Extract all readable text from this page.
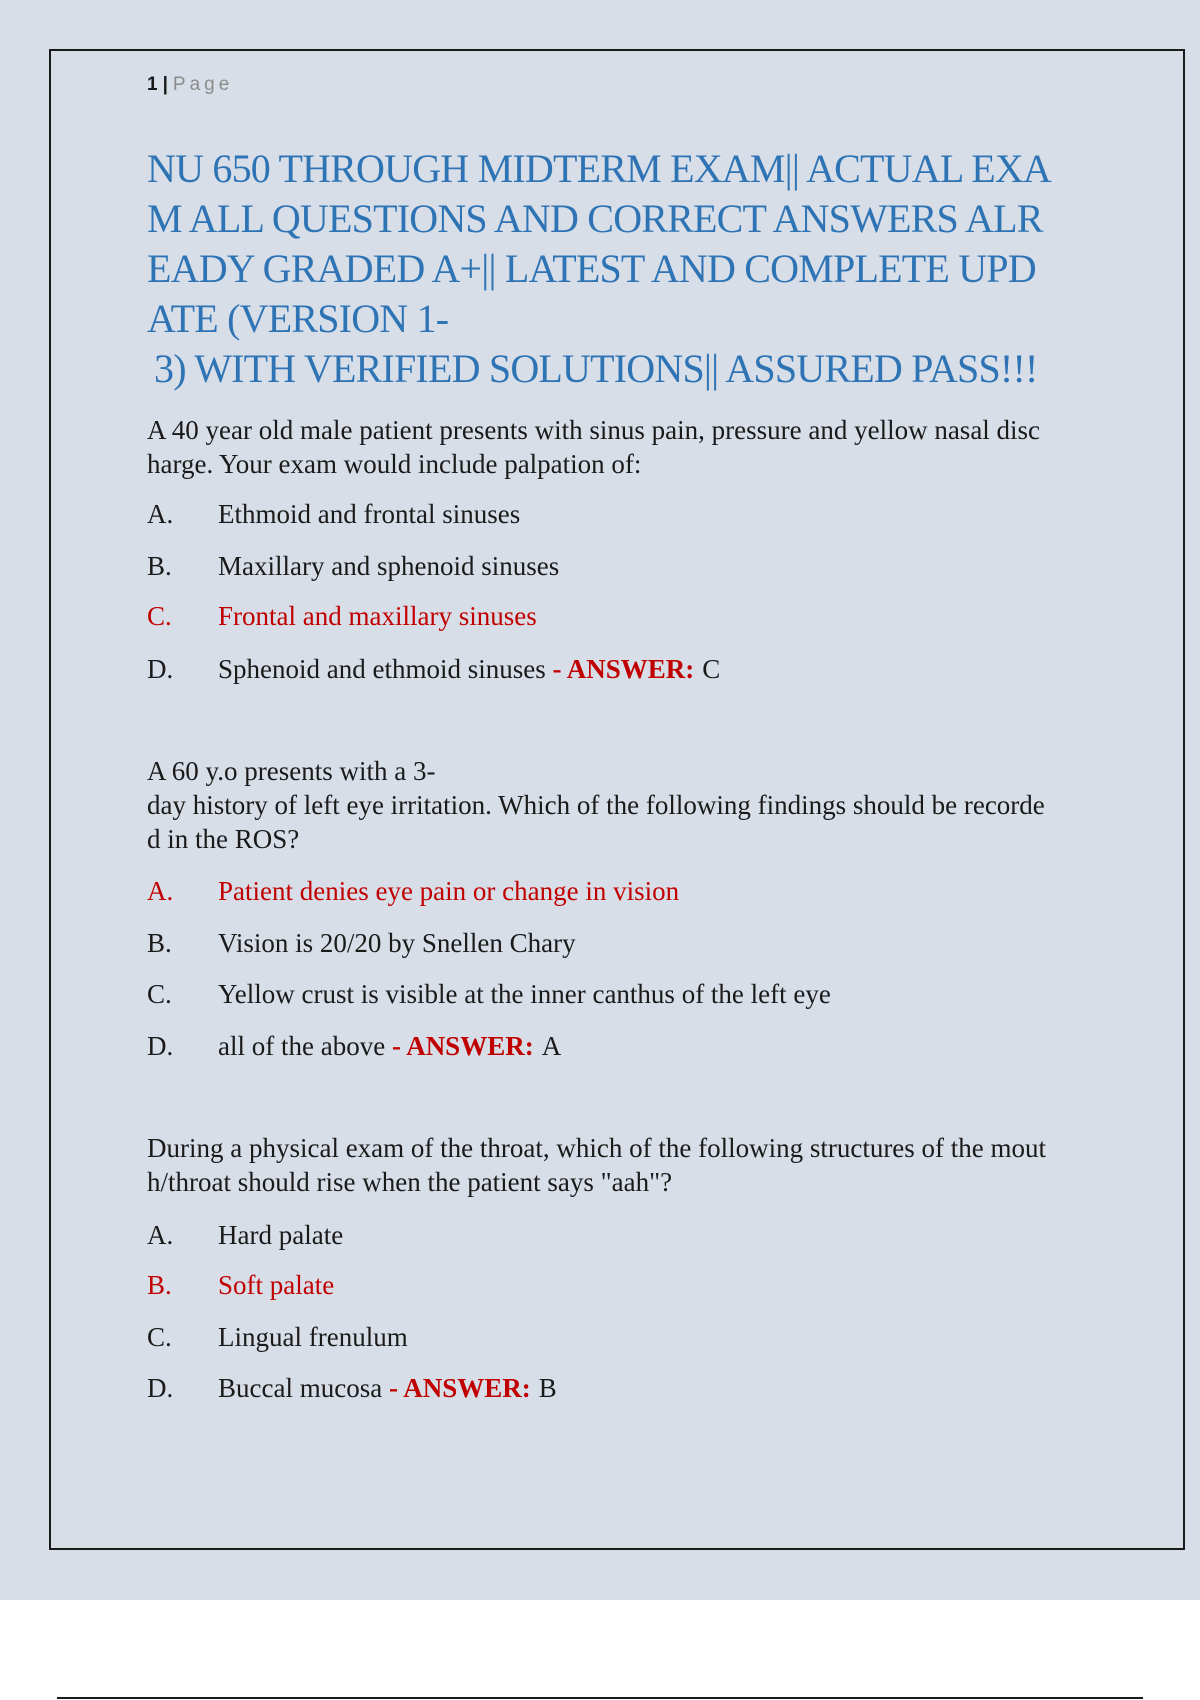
1 | Page
NU 650 THROUGH MIDTERM EXAM|| ACTUAL EXA
M ALL QUESTIONS AND CORRECT ANSWERS ALR
EADY GRADED A+|| LATEST AND COMPLETE UPD
ATE (VERSION 1-
3) WITH VERIFIED SOLUTIONS|| ASSURED PASS!!!
A 40 year old male patient presents with sinus pain, pressure and yellow nasal disc
harge. Your exam would include palpation of:
A. Ethmoid and frontal sinuses
B. Maxillary and sphenoid sinuses
C. Frontal and maxillary sinuses
D. Sphenoid and ethmoid sinuses - ANSWER: C
A 60 y.o presents with a 3-
day history of left eye irritation. Which of the following findings should be recorde
d in the ROS?
A. Patient denies eye pain or change in vision
B. Vision is 20/20 by Snellen Chary
C. Yellow crust is visible at the inner canthus of the left eye
D. all of the above - ANSWER: A
During a physical exam of the throat, which of the following structures of the mout
h/throat should rise when the patient says "aah"?
A. Hard palate
B. Soft palate
C. Lingual frenulum
D. Buccal mucosa - ANSWER: B
